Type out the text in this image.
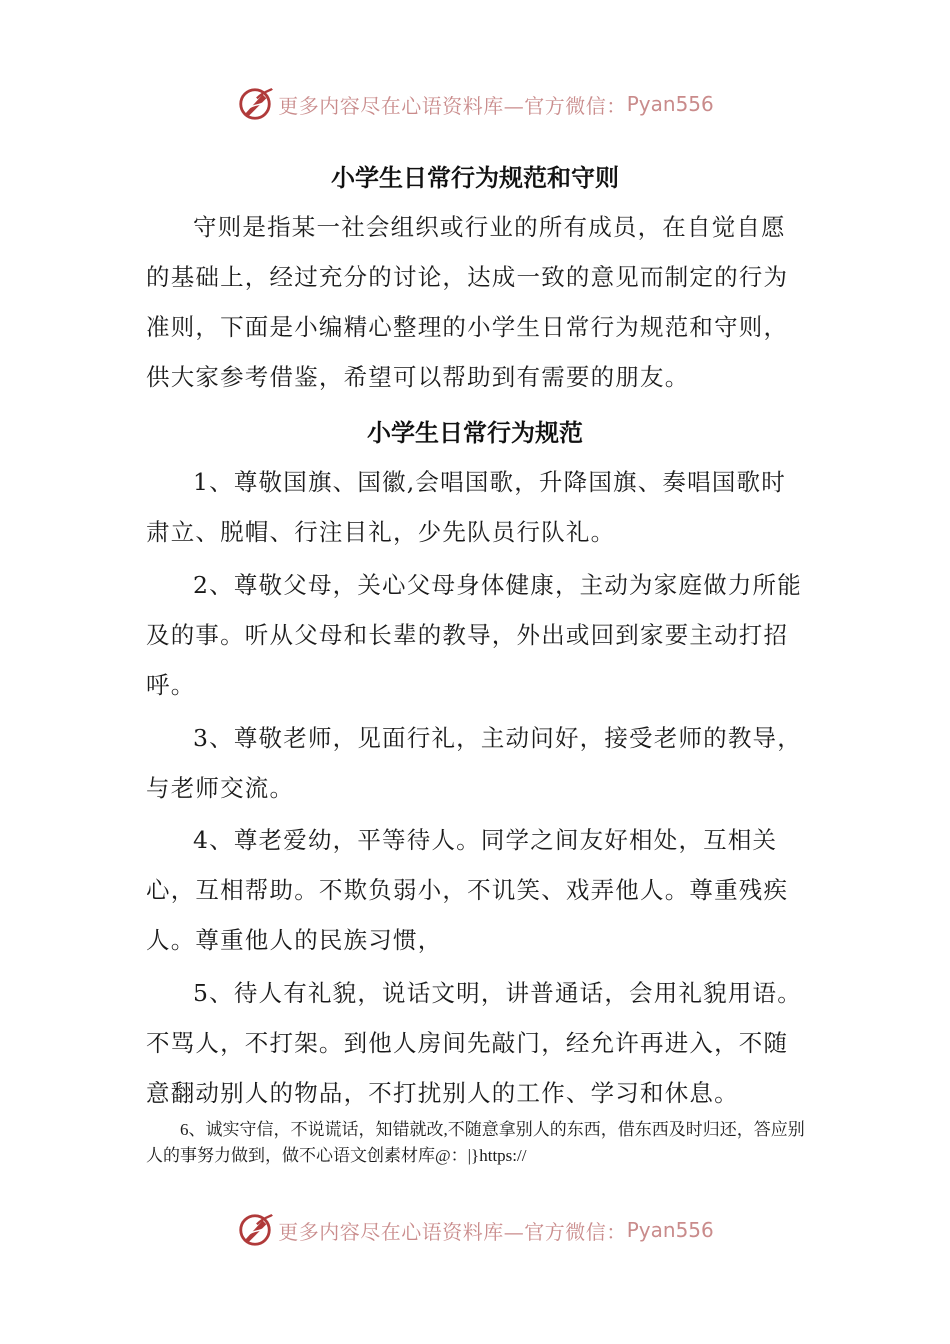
更多内容尽在心语资料库—官方微信： Pyan556
小学生日常行为规范和守则

守则是指某一社会组织或行业的所有成员，在自觉自愿的基础上，经过充分的讨论，达成一致的意见而制定的行为准则，下面是小编精心整理的小学生日常行为规范和守则，供大家参考借鉴，希望可以帮助到有需要的朋友。

小学生日常行为规范

1、尊敬国旗、国徽,会唱国歌，升降国旗、奏唱国歌时肃立、脱帽、行注目礼，少先队员行队礼。

2、尊敬父母，关心父母身体健康，主动为家庭做力所能及的事。听从父母和长辈的教导，外出或回到家要主动打招呼。

3、尊敬老师，见面行礼，主动问好，接受老师的教导，与老师交流。

4、尊老爱幼，平等待人。同学之间友好相处，互相关心，互相帮助。不欺负弱小，不讥笑、戏弄他人。尊重残疾人。尊重他人的民族习惯，

5、待人有礼貌，说话文明，讲普通话，会用礼貌用语。不骂人，不打架。到他人房间先敲门，经允许再进入，不随意翻动别人的物品，不打扰别人的工作、学习和休息。

6、诚实守信，不说谎话，知错就改,不随意拿别人的东西，借东西及时归还，答应别人的事努力做到，做不心语文创素材库@：|}https://

更多内容尽在心语资料库—官方微信： Pyan556
